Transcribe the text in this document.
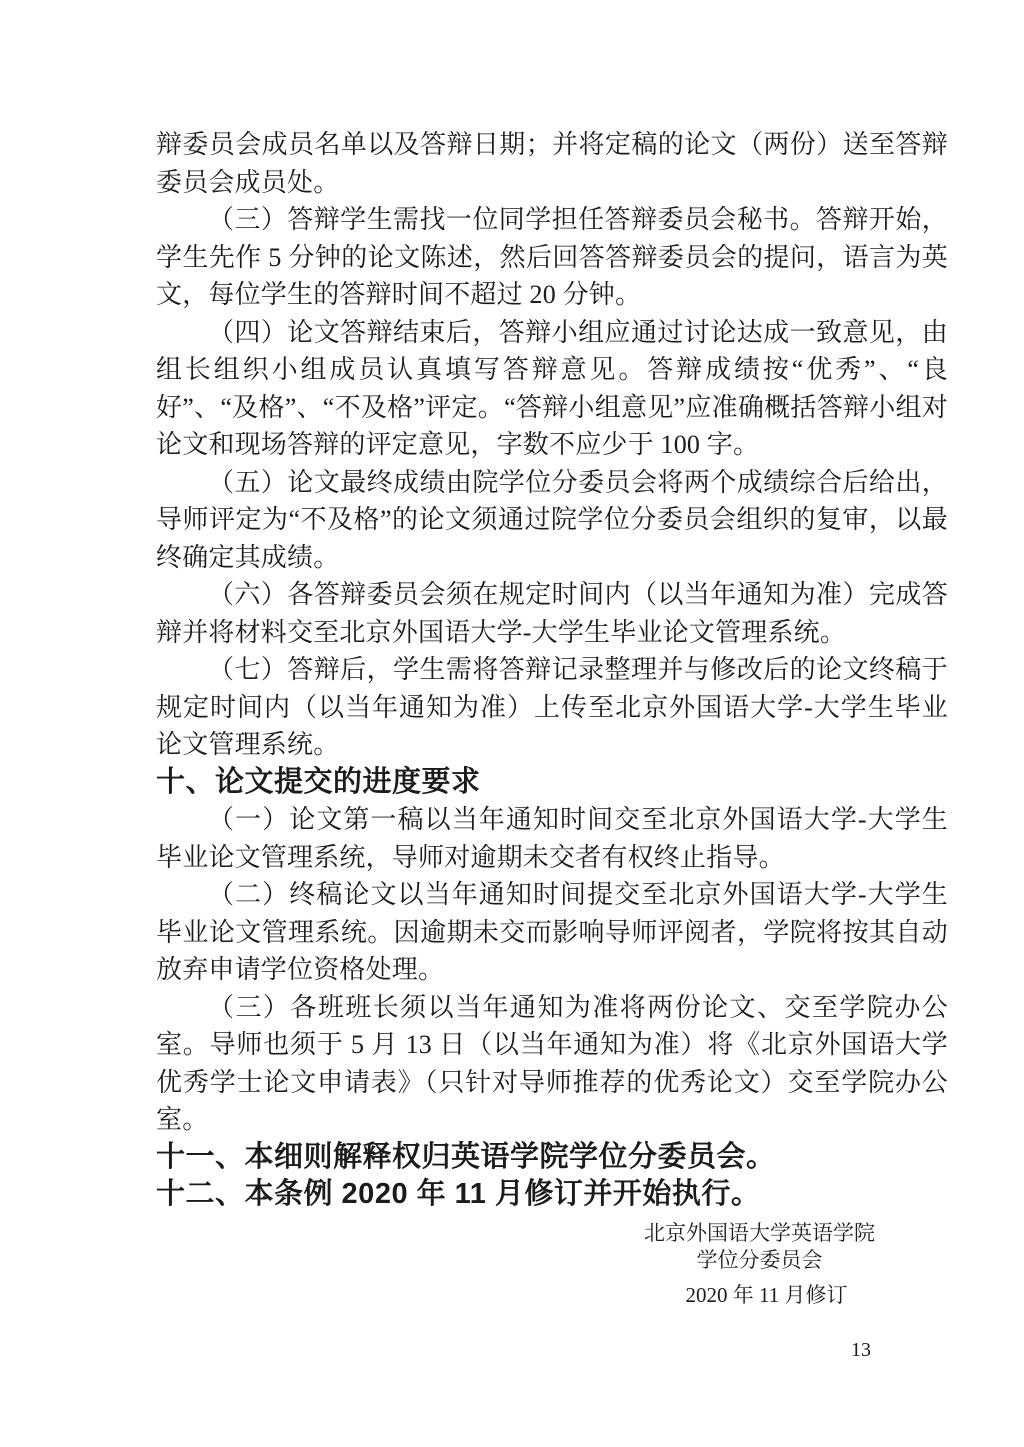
辩委员会成员名单以及答辩日期；并将定稿的论文（两份）送至答辩委员会成员处。

（三）答辩学生需找一位同学担任答辩委员会秘书。答辩开始，学生先作 5 分钟的论文陈述，然后回答答辩委员会的提问，语言为英文，每位学生的答辩时间不超过 20 分钟。

（四）论文答辩结束后，答辩小组应通过讨论达成一致意见，由组长组织小组成员认真填写答辩意见。答辩成绩按“优秀”、“良好”、“及格”、“不及格”评定。“答辩小组意见”应准确概括答辩小组对论文和现场答辩的评定意见，字数不应少于 100 字。

（五）论文最终成绩由院学位分委员会将两个成绩综合后给出，导师评定为“不及格”的论文须通过院学位分委员会组织的复审，以最终确定其成绩。

（六）各答辩委员会须在规定时间内（以当年通知为准）完成答辩并将材料交至北京外国语大学-大学生毕业论文管理系统。

（七）答辩后，学生需将答辩记录整理并与修改后的论文终稿于规定时间内（以当年通知为准）上传至北京外国语大学-大学生毕业论文管理系统。

十、论文提交的进度要求

（一）论文第一稿以当年通知时间交至北京外国语大学-大学生毕业论文管理系统，导师对逾期未交者有权终止指导。

（二）终稿论文以当年通知时间提交至北京外国语大学-大学生毕业论文管理系统。因逾期未交而影响导师评阅者，学院将按其自动放弃申请学位资格处理。

（三）各班班长须以当年通知为准将两份论文、交至学院办公室。导师也须于 5 月 13 日（以当年通知为准）将《北京外国语大学优秀学士论文申请表》（只针对导师推荐的优秀论文）交至学院办公室。

十一、本细则解释权归英语学院学位分委员会。

十二、本条例 2020 年 11 月修订并开始执行。

北京外国语大学英语学院
学位分委员会
2020 年 11 月修订
13
